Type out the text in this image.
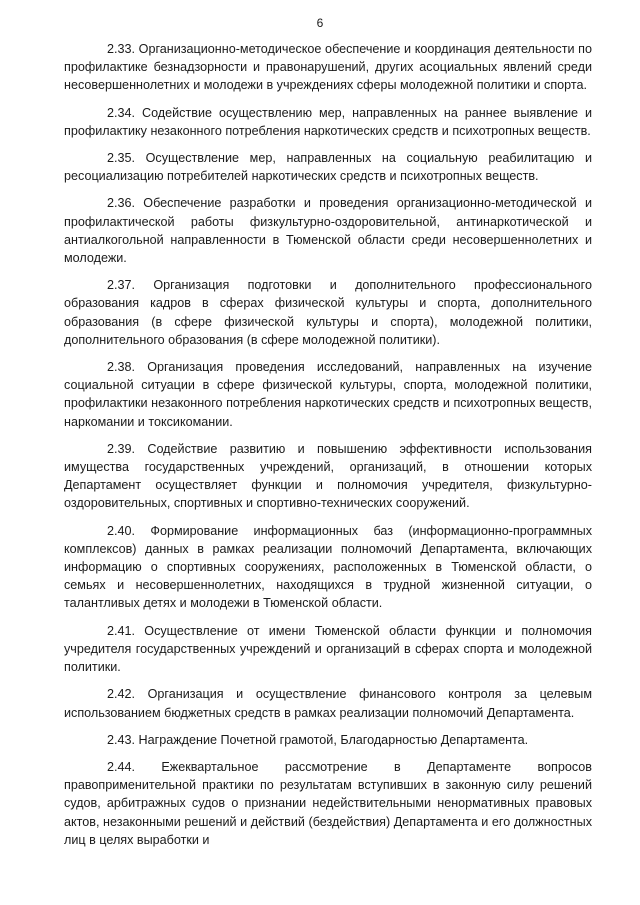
6

2.33. Организационно-методическое обеспечение и координация деятельности по профилактике безнадзорности и правонарушений, других асоциальных явлений среди несовершеннолетних и молодежи в учреждениях сферы молодежной политики и спорта.

2.34. Содействие осуществлению мер, направленных на раннее выявление и профилактику незаконного потребления наркотических средств и психотропных веществ.

2.35. Осуществление мер, направленных на социальную реабилитацию и ресоциализацию потребителей наркотических средств и психотропных веществ.

2.36. Обеспечение разработки и проведения организационно-методической и профилактической работы физкультурно-оздоровительной, антинаркотической и антиалкогольной направленности в Тюменской области среди несовершеннолетних и молодежи.

2.37. Организация подготовки и дополнительного профессионального образования кадров в сферах физической культуры и спорта, дополнительного образования (в сфере физической культуры и спорта), молодежной политики, дополнительного образования (в сфере молодежной политики).

2.38. Организация проведения исследований, направленных на изучение социальной ситуации в сфере физической культуры, спорта, молодежной политики, профилактики незаконного потребления наркотических средств и психотропных веществ, наркомании и токсикомании.

2.39. Содействие развитию и повышению эффективности использования имущества государственных учреждений, организаций, в отношении которых Департамент осуществляет функции и полномочия учредителя, физкультурно-оздоровительных, спортивных и спортивно-технических сооружений.

2.40. Формирование информационных баз (информационно-программных комплексов) данных в рамках реализации полномочий Департамента, включающих информацию о спортивных сооружениях, расположенных в Тюменской области, о семьях и несовершеннолетних, находящихся в трудной жизненной ситуации, о талантливых детях и молодежи в Тюменской области.

2.41. Осуществление от имени Тюменской области функции и полномочия учредителя государственных учреждений и организаций в сферах спорта и молодежной политики.

2.42. Организация и осуществление финансового контроля за целевым использованием бюджетных средств в рамках реализации полномочий Департамента.

2.43. Награждение Почетной грамотой, Благодарностью Департамента.

2.44. Ежеквартальное рассмотрение в Департаменте вопросов правоприменительной практики по результатам вступивших в законную силу решений судов, арбитражных судов о признании недействительными ненормативных правовых актов, незаконными решений и действий (бездействия) Департамента и его должностных лиц в целях выработки и
